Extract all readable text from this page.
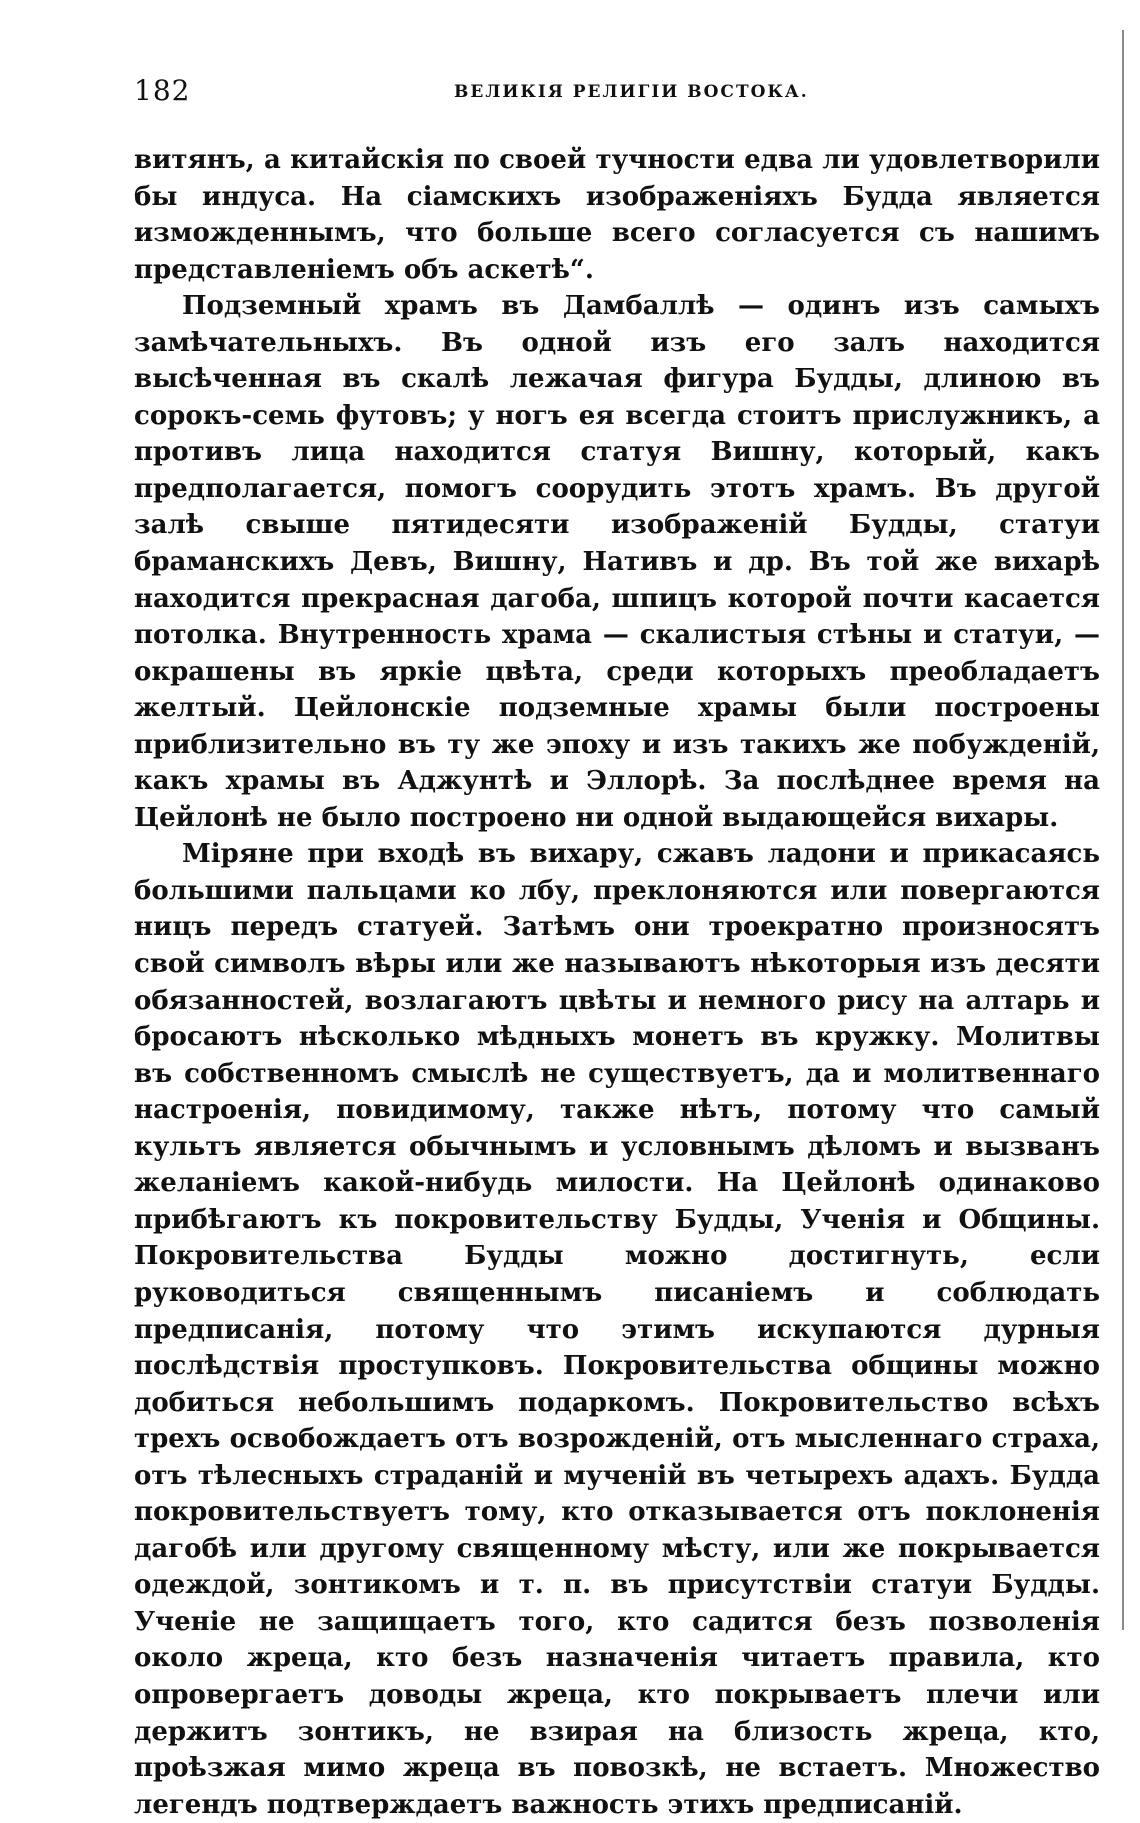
182	ВЕЛИКІЯ РЕЛИГІИ ВОСТОКА.

витянъ, а китайскія по своей тучности едва ли удовлетворили бы индуса. На сіамскихъ изображеніяхъ Будда является изможденнымъ, что больше всего согласуется съ нашимъ представленіемъ объ аскетѣ“.

Подземный храмъ въ Дамбаллѣ — одинъ изъ самыхъ замѣчательныхъ. Въ одной изъ его залъ находится высѣченная въ скалѣ лежачая фигура Будды, длиною въ сорокъ-семь футовъ; у ногъ ея всегда стоитъ прислужникъ, а противъ лица находится статуя Вишну, который, какъ предполагается, помогъ соорудить этотъ храмъ. Въ другой залѣ свыше пятидесяти изображеній Будды, статуи брамaнскихъ Девъ, Вишну, Нативъ и др. Въ той же вихарѣ находится прекрасная дагоба, шпицъ которой почти касается потолка. Внутренность храма — скалистыя стѣны и статуи, — окрашены въ яркіе цвѣта, среди которыхъ преобладаетъ желтый. Цейлонскіе подземные храмы были построены приблизительно въ ту же эпоху и изъ такихъ же побужденій, какъ храмы въ Аджунтѣ и Эллорѣ. За послѣднее время на Цейлонѣ не было построено ни одной выдающейся вихары.

Міряне при входѣ въ вихару, сжавъ ладони и прикасаясь большими пальцами ко лбу, преклоняются или повергаются ницъ передъ статуей. Затѣмъ они троекратно произносятъ свой символъ вѣры или же называютъ нѣкоторыя изъ десяти обязанностей, возлагаютъ цвѣты и немного рису на алтарь и бросаютъ нѣсколько мѣдныхъ монетъ въ кружку. Молитвы въ собственномъ смыслѣ не существуетъ, да и молитвеннаго настроенія, повидимому, также нѣтъ, потому что самый культъ является обычнымъ и условнымъ дѣломъ и вызванъ желаніемъ какой-нибудь милости. На Цейлонѣ одинаково прибѣгаютъ къ покровительству Будды, Ученія и Общины. Покровительства Будды можно достигнуть, если руководиться священнымъ писаніемъ и соблюдать предписанія, потому что этимъ искупаются дурныя послѣдствія проступковъ. Покровительства общины можно добиться небольшимъ подаркомъ. Покровительство всѣхъ трехъ освобождаетъ отъ возрожденій, отъ мысленнаго страха, отъ тѣлесныхъ страданій и мученій въ четырехъ адахъ. Будда покровительствуетъ тому, кто отказывается отъ поклоненія дагобѣ или другому священному мѣсту, или же покрывается одеждой, зонтикомъ и т. п. въ присутствіи статуи Будды. Ученіе не защищаетъ того, кто садится безъ позволенія около жреца, кто безъ назначенія читаетъ правила, кто опровергаетъ доводы жреца, кто покрываетъ плечи или держитъ зонтикъ, не взирая на близость жреца, кто, проѣзжая мимо жреца въ повозкѣ, не встаетъ. Множество легендъ подтверждаетъ важность этихъ предписаній.
